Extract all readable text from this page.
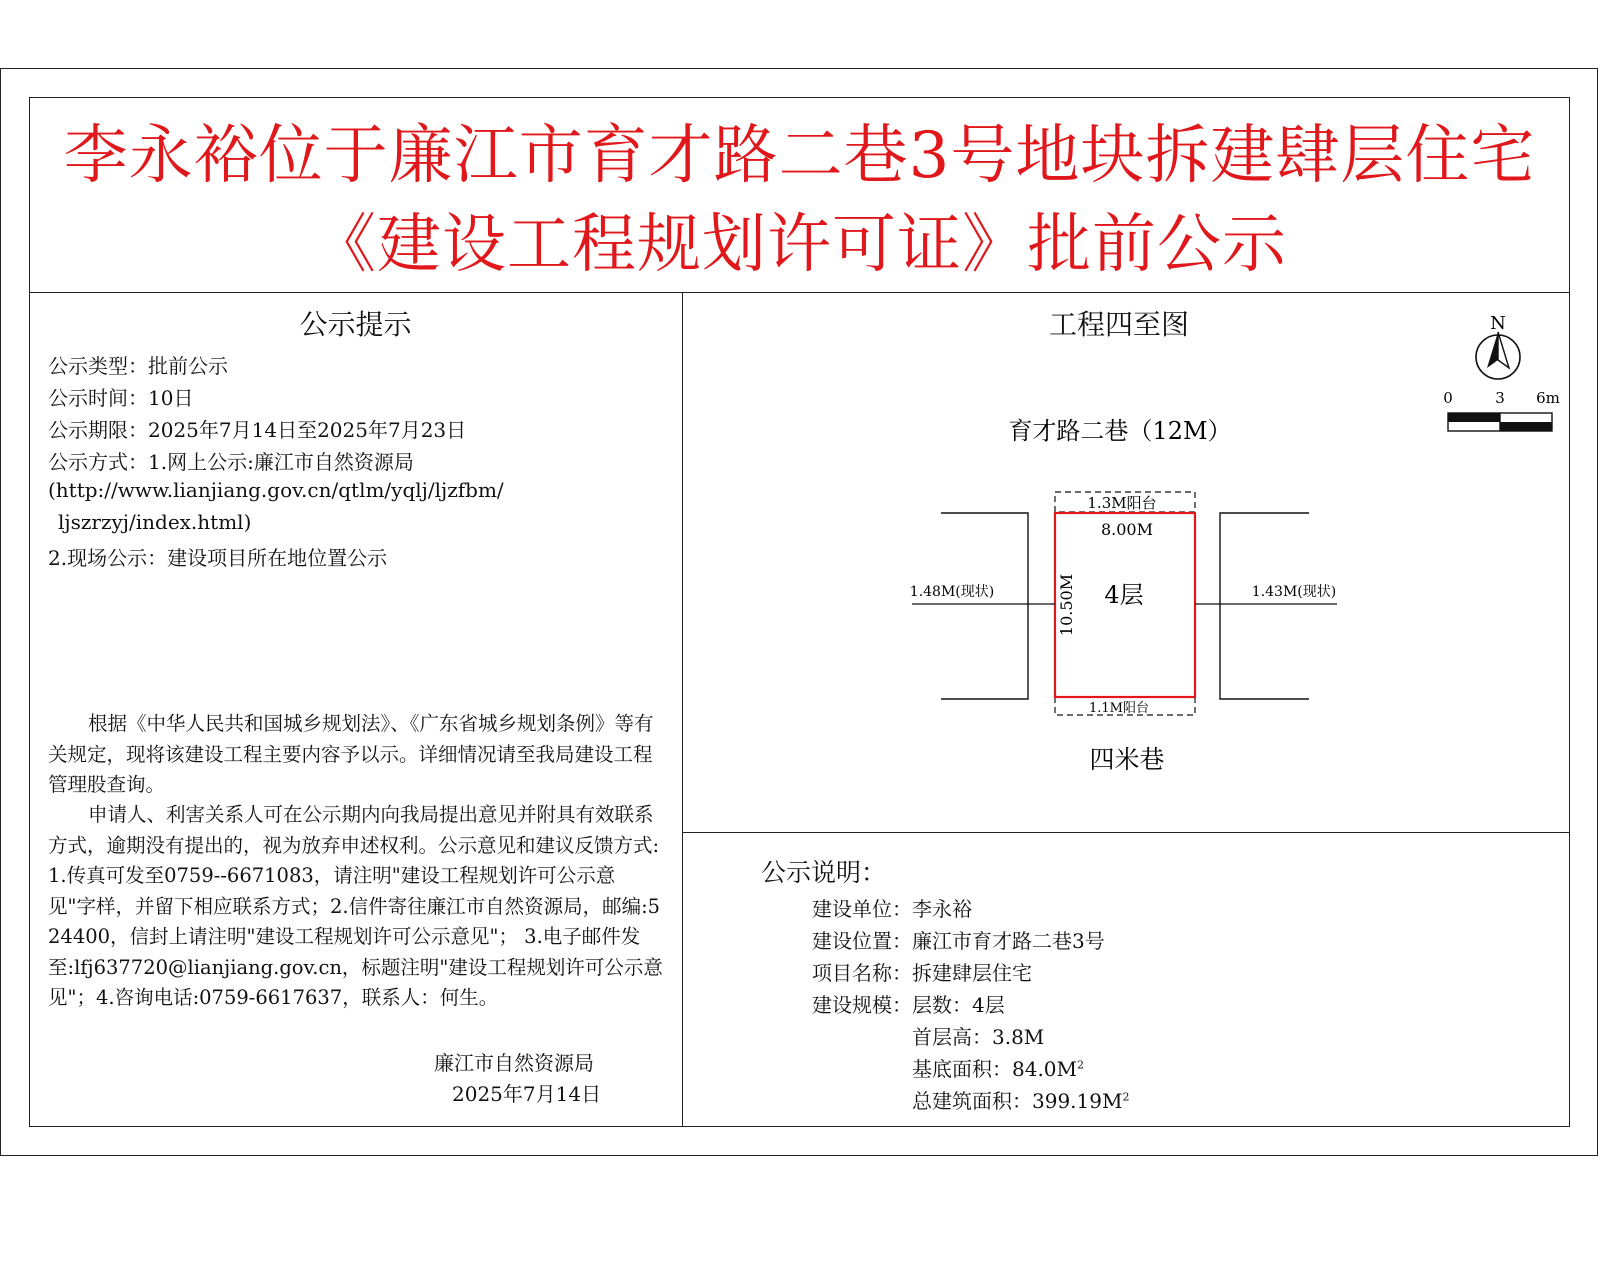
李永裕位于廉江市育才路二巷3号地块拆建肆层住宅
《建设工程规划许可证》批前公示
公示提示
公示类型：批前公示
公示时间：10日
公示期限：2025年7月14日至2025年7月23日
公示方式：1.网上公示:廉江市自然资源局
(http://www.lianjiang.gov.cn/qtlm/yqlj/ljzfbm/
ljszrzyj/index.html)
2.现场公示：建设项目所在地位置公示
根据《中华人民共和国城乡规划法》、《广东省城乡规划条例》等有关规定，现将该建设工程主要内容予以示。详细情况请至我局建设工程管理股查询。
申请人、利害关系人可在公示期内向我局提出意见并附具有效联系方式，逾期没有提出的，视为放弃申述权利。公示意见和建议反馈方式:1.传真可发至0759--6671083，请注明"建设工程规划许可公示意见"字样，并留下相应联系方式；2.信件寄往廉江市自然资源局，邮编:524400，信封上请注明"建设工程规划许可公示意见"； 3.电子邮件发至:lfj637720@lianjiang.gov.cn，标题注明"建设工程规划许可公示意见"；4.咨询电话:0759-6617637，联系人：何生。
廉江市自然资源局
2025年7月14日
工程四至图	N
0	3 6m
育才路二巷（12M）
四米巷
1.3M阳台
1.1M阳台
8.00M
4层
10.50M
1.48M(现状)	1.43M(现状)
公示说明：
建设单位：李永裕
建设位置：廉江市育才路二巷3号
项目名称：拆建肆层住宅
建设规模：层数：4层
首层高：3.8M
基底面积：$84.0M^2$
总建筑面积：$399.19M^2$
